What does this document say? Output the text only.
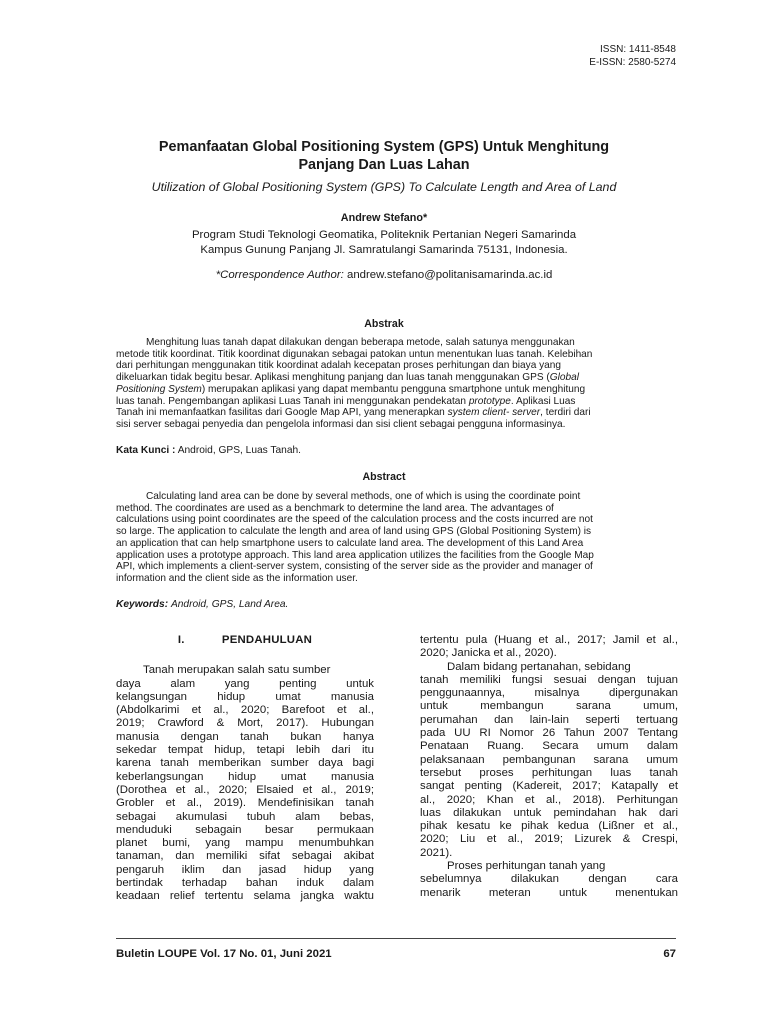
ISSN: 1411-8548
E-ISSN: 2580-5274
Pemanfaatan Global Positioning System (GPS) Untuk Menghitung
Panjang Dan Luas Lahan
Utilization of Global Positioning System (GPS) To Calculate Length and Area of Land
Andrew Stefano*
Program Studi Teknologi Geomatika, Politeknik Pertanian Negeri Samarinda
Kampus Gunung Panjang Jl. Samratulangi Samarinda 75131, Indonesia.
*Correspondence Author: andrew.stefano@politanisamarinda.ac.id
Abstrak

Menghitung luas tanah dapat dilakukan dengan beberapa metode, salah satunya menggunakan
metode titik koordinat. Titik koordinat digunakan sebagai patokan untun menentukan luas tanah. Kelebihan
dari perhitungan menggunakan titik koordinat adalah kecepatan proses perhitungan dan biaya yang
dikeluarkan tidak begitu besar. Aplikasi menghitung panjang dan luas tanah menggunakan GPS (Global
Positioning System) merupakan aplikasi yang dapat membantu pengguna smartphone untuk menghitung
luas tanah. Pengembangan aplikasi Luas Tanah ini menggunakan pendekatan prototype. Aplikasi Luas
Tanah ini memanfaatkan fasilitas dari Google Map API, yang menerapkan system client- server, terdiri dari
sisi server sebagai penyedia dan pengelola informasi dan sisi client sebagai pengguna informasinya.

Kata Kunci : Android, GPS, Luas Tanah.
Abstract

Calculating land area can be done by several methods, one of which is using the coordinate point
method. The coordinates are used as a benchmark to determine the land area. The advantages of
calculations using point coordinates are the speed of the calculation process and the costs incurred are not
so large. The application to calculate the length and area of land using GPS (Global Positioning System) is
an application that can help smartphone users to calculate land area. The development of this Land Area
application uses a prototype approach. This land area application utilizes the facilities from the Google Map
API, which implements a client-server system, consisting of the server side as the provider and manager of
information and the client side as the information user.

Keywords: Android, GPS, Land Area.
I.	PENDAHULUAN
Tanah merupakan salah satu sumber
daya alam yang penting untuk
kelangsungan hidup umat manusia
(Abdolkarimi et al., 2020; Barefoot et al.,
2019; Crawford & Mort, 2017). Hubungan
manusia dengan tanah bukan hanya
sekedar tempat hidup, tetapi lebih dari itu
karena tanah memberikan sumber daya bagi
keberlangsungan hidup umat manusia
(Dorothea et al., 2020; Elsaied et al., 2019;
Grobler et al., 2019). Mendefinisikan tanah
sebagai akumulasi tubuh alam bebas,
menduduki sebagain besar permukaan
planet bumi, yang mampu menumbuhkan
tanaman, dan memiliki sifat sebagai akibat
pengaruh iklim dan jasad hidup yang
bertindak terhadap bahan induk dalam
keadaan relief tertentu selama jangka waktu
tertentu pula (Huang et al., 2017; Jamil et al.,
2020; Janicka et al., 2020).
Dalam bidang pertanahan, sebidang
tanah memiliki fungsi sesuai dengan tujuan
penggunaannya, misalnya dipergunakan
untuk membangun sarana umum,
perumahan dan lain-lain seperti tertuang
pada UU RI Nomor 26 Tahun 2007 Tentang
Penataan Ruang. Secara umum dalam
pelaksanaan pembangunan sarana umum
tersebut proses perhitungan luas tanah
sangat penting (Kadereit, 2017; Katapally et
al., 2020; Khan et al., 2018). Perhitungan
luas dilakukan untuk pemindahan hak dari
pihak kesatu ke pihak kedua (Lißner et al.,
2020; Liu et al., 2019; Lizurek & Crespi,
2021).
Proses perhitungan tanah yang
sebelumnya dilakukan dengan cara
menarik meteran untuk menentukan
Buletin LOUPE Vol. 17 No. 01, Juni 2021	67
